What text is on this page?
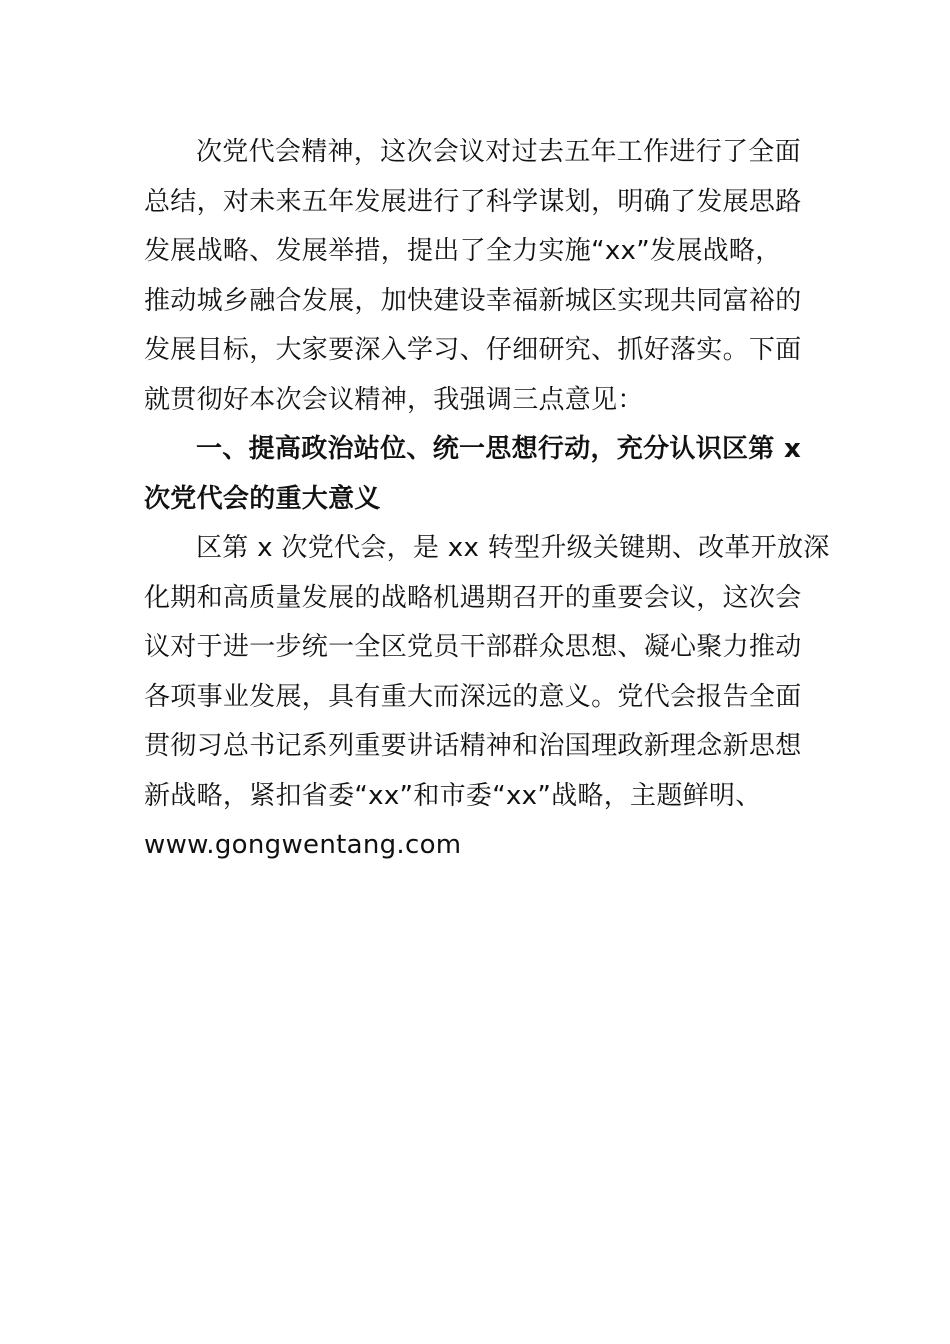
次党代会精神，这次会议对过去五年工作进行了全面
总结，对未来五年发展进行了科学谋划，明确了发展思路
发展战略、发展举措，提出了全力实施“xx”发展战略，
推动城乡融合发展，加快建设幸福新城区实现共同富裕的
发展目标，大家要深入学习、仔细研究、抓好落实。下面
就贯彻好本次会议精神，我强调三点意见：
一、提高政治站位、统一思想行动，充分认识区第 x
次党代会的重大意义
区第 x 次党代会，是 xx 转型升级关键期、改革开放深
化期和高质量发展的战略机遇期召开的重要会议，这次会
议对于进一步统一全区党员干部群众思想、凝心聚力推动
各项事业发展，具有重大而深远的意义。党代会报告全面
贯彻习总书记系列重要讲话精神和治国理政新理念新思想
新战略，紧扣省委“xx”和市委“xx”战略，主题鲜明、
www.gongwentang.com
